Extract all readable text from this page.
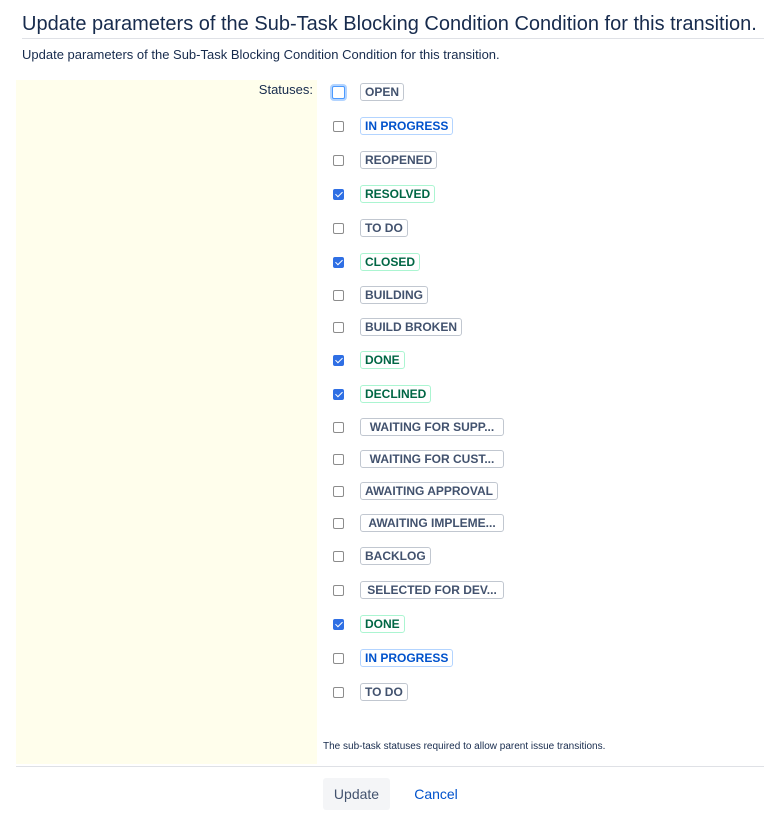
Update parameters of the Sub-Task Blocking Condition Condition for this transition.
Update parameters of the Sub-Task Blocking Condition Condition for this transition.
Statuses:	OPEN
IN PROGRESS
REOPENED
RESOLVED
TO DO
CLOSED
BUILDING
BUILD BROKEN
DONE
DECLINED
WAITING FOR SUPP...
WAITING FOR CUST...
AWAITING APPROVAL
AWAITING IMPLEME...
BACKLOG
SELECTED FOR DEV...
DONE
IN PROGRESS
TO DO
The sub-task statuses required to allow parent issue transitions.
Update	Cancel
